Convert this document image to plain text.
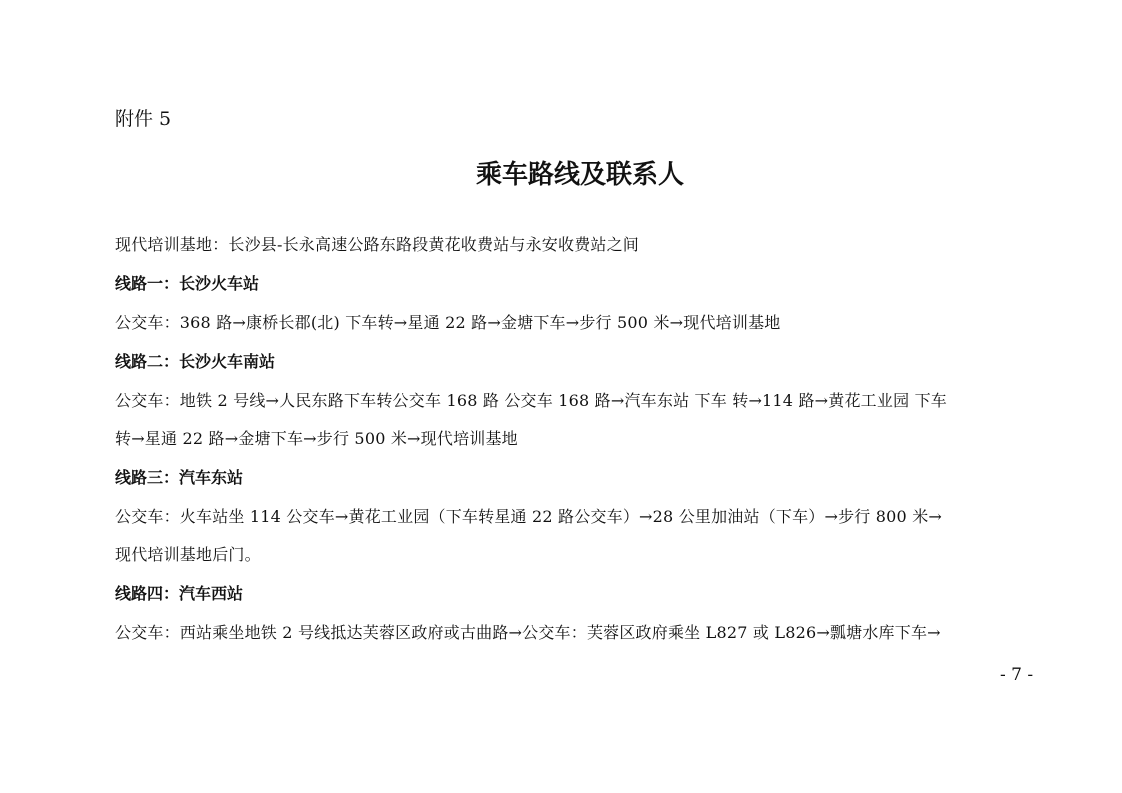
附件 5
乘车路线及联系人
现代培训基地：长沙县-长永高速公路东路段黄花收费站与永安收费站之间
线路一：长沙火车站
公交车：368 路→康桥长郡(北) 下车转→星通 22 路→金塘下车→步行 500 米→现代培训基地
线路二：长沙火车南站
公交车：地铁 2 号线→人民东路下车转公交车 168 路 公交车 168 路→汽车东站 下车 转→114 路→黄花工业园 下车
转→星通 22 路→金塘下车→步行 500 米→现代培训基地
线路三：汽车东站
公交车：火车站坐 114 公交车→黄花工业园（下车转星通 22 路公交车）→28 公里加油站（下车）→步行 800 米→
现代培训基地后门。
线路四：汽车西站
公交车：西站乘坐地铁 2 号线抵达芙蓉区政府或古曲路→公交车：芙蓉区政府乘坐 L827 或 L826→瓢塘水库下车→
- 7 -
